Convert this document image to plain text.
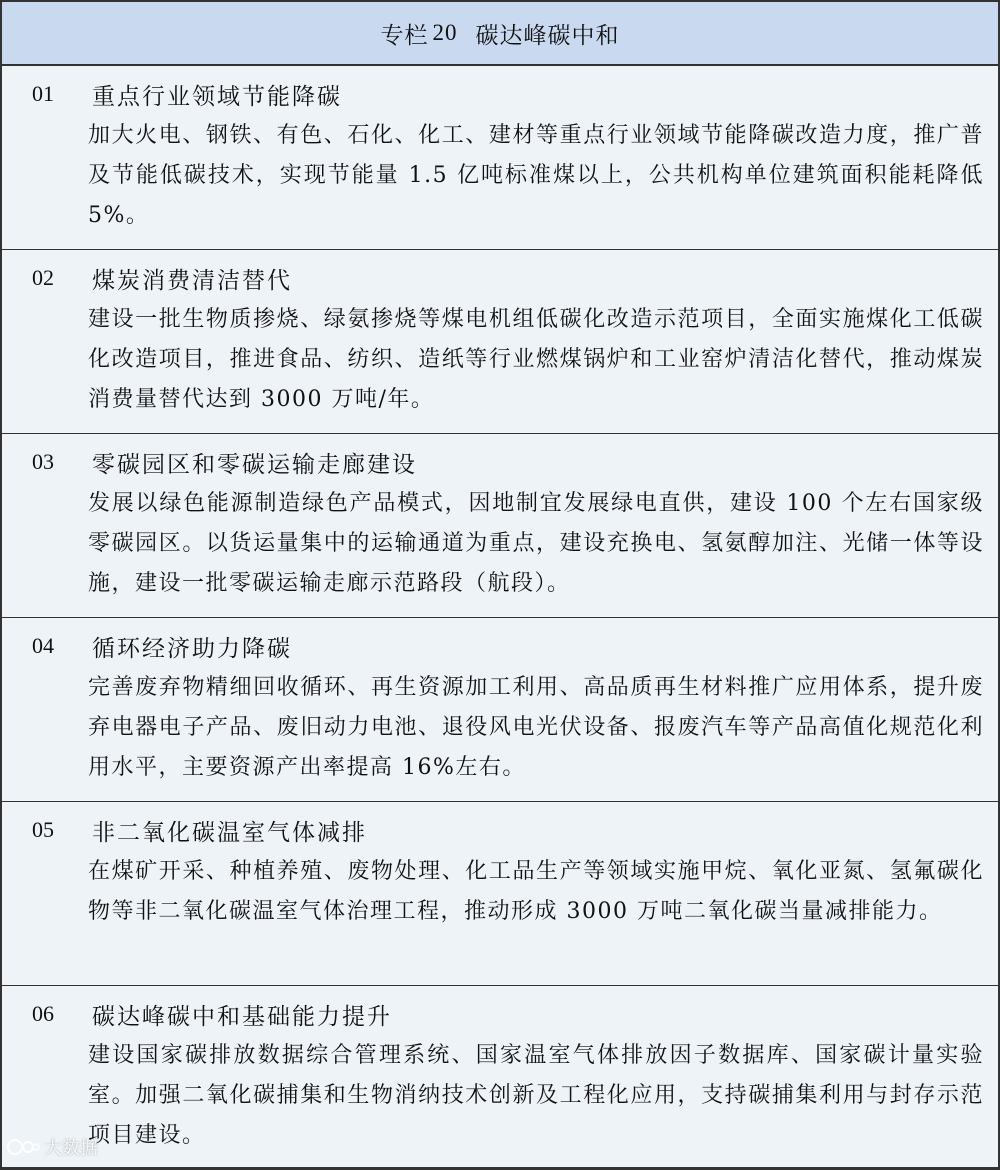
专栏 20 碳达峰碳中和
01	重点行业领域节能降碳
加大火电、钢铁、有色、石化、化工、建材等重点行业领域节能降碳改造力度，推广普及节能低碳技术，实现节能量 1.5 亿吨标准煤以上，公共机构单位建筑面积能耗降低 5%。
02	煤炭消费清洁替代
建设一批生物质掺烧、绿氨掺烧等煤电机组低碳化改造示范项目，全面实施煤化工低碳化改造项目，推进食品、纺织、造纸等行业燃煤锅炉和工业窑炉清洁化替代，推动煤炭消费量替代达到 3000 万吨/年。
03	零碳园区和零碳运输走廊建设
发展以绿色能源制造绿色产品模式，因地制宜发展绿电直供，建设 100 个左右国家级零碳园区。以货运量集中的运输通道为重点，建设充换电、氢氨醇加注、光储一体等设施，建设一批零碳运输走廊示范路段（航段）。
04	循环经济助力降碳
完善废弃物精细回收循环、再生资源加工利用、高品质再生材料推广应用体系，提升废弃电器电子产品、废旧动力电池、退役风电光伏设备、报废汽车等产品高值化规范化利用水平，主要资源产出率提高 16%左右。
05	非二氧化碳温室气体减排
在煤矿开采、种植养殖、废物处理、化工品生产等领域实施甲烷、氧化亚氮、氢氟碳化物等非二氧化碳温室气体治理工程，推动形成 3000 万吨二氧化碳当量减排能力。
06	碳达峰碳中和基础能力提升
建设国家碳排放数据综合管理系统、国家温室气体排放因子数据库、国家碳计量实验室。加强二氧化碳捕集和生物消纳技术创新及工程化应用，支持碳捕集利用与封存示范项目建设。
大数据
